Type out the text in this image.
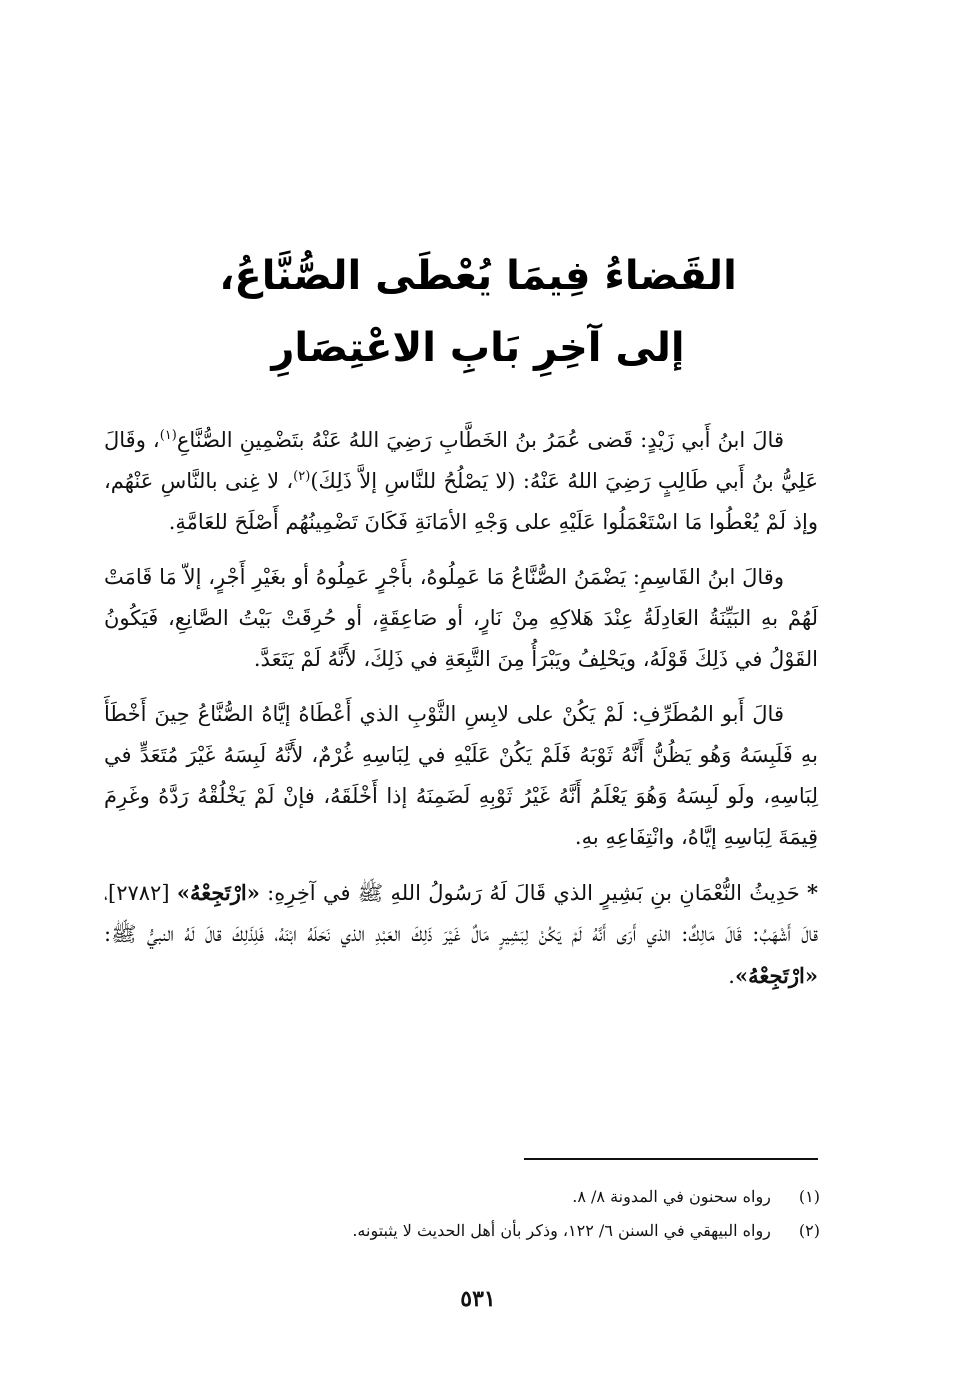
القَضاءُ فِيمَا يُعْطَى الصُّنَّاعُ،
إلى آخِرِ بَابِ الاعْتِصَارِ

قالَ ابنُ أَبي زَيْدٍ: قَضى عُمَرُ بنُ الخَطَّابِ رَضِيَ اللهُ عَنْهُ بتَضْمِينِ الصُّنَّاعِ$^{(١)}$، وقَالَ عَلِيُّ بنُ أَبي طَالِبٍ رَضِيَ اللهُ عَنْهُ: (لا يَصْلُحُ للنَّاسِ إلاَّ ذَلِكَ)$^{(٢)}$، لا غِنى بالنَّاسِ عَنْهُم، وإذ لَمْ يُعْطُوا مَا اسْتَعْمَلُوا عَلَيْهِ على وَجْهِ الأمَانَةِ فَكَانَ تَضْمِينُهُم أَصْلَحَ للعَامَّةِ.

وقالَ ابنُ القَاسِمِ: يَضْمَنُ الصُّنَّاعُ مَا عَمِلُوهُ، بأَجْرٍ عَمِلُوهُ أو بغَيْرِ أَجْرٍ، إلاّ مَا قَامَتْ لَهُمْ بهِ البَيِّنَةُ العَادِلَةُ عِنْدَ هَلاكِهِ مِنْ نَارٍ، أو صَاعِقَةٍ، أو حُرِقَتْ بَيْتُ الصَّانِعِ، فَيَكُونُ القَوْلُ في ذَلِكَ قَوْلَهُ، ويَحْلِفُ ويَبْرَأُ مِنَ التَّبِعَةِ في ذَلِكَ، لأَنَّهُ لَمْ يَتَعَدَّ.

قالَ أَبو المُطَرِّفِ: لَمْ يَكُنْ على لابِسِ الثَّوْبِ الذي أَعْطَاهُ إيَّاهُ الصُّنَّاعُ حِينَ أَخْطَأَ بهِ فَلَبِسَهُ وَهُو يَظُنُّ أَنَّهُ ثَوْبَهُ فَلَمْ يَكُنْ عَلَيْهِ في لِبَاسِهِ غُرْمٌ، لأَنَّهُ لَبِسَهُ غَيْرَ مُتَعَدٍّ في لِبَاسِهِ، ولَو لَبِسَهُ وَهُوَ يَعْلَمُ أَنَّهُ غَيْرُ ثَوْبِهِ لَضَمِنَهُ إذا أَخْلَقَهُ، فإنْ لَمْ يَخْلُقْهُ رَدَّهُ وغَرِمَ قِيمَةَ لِبَاسِهِ إيَّاهُ، وانْتِفَاعِهِ بهِ.

* حَدِيثُ النُّعْمَانِ بنِ بَشِيرٍ الذي قَالَ لَهُ رَسُولُ اللهِ ﷺ في آخِرِهِ: «ارْتَجِعْهُ» [٢٧٨٢]، قالَ أَشْهَبُ: قَالَ مَالِكٌ: الذي أَرَى أَنَّهُ لَمْ يَكُنْ لِبَشِيرٍ مَالٌ غَيْرَ ذَلِكَ العَبْدِ الذي نَحَلَهُ ابْنَهُ، فَلِذَلِكَ قالَ لَهُ النبيُّ ﷺ: «ارْتَجِعْهُ».

(١) رواه سحنون في المدونة ٨/ ٨.
(٢) رواه البيهقي في السنن ٦/ ١٢٢، وذكر بأن أهل الحديث لا يثبتونه.
٥٣١
